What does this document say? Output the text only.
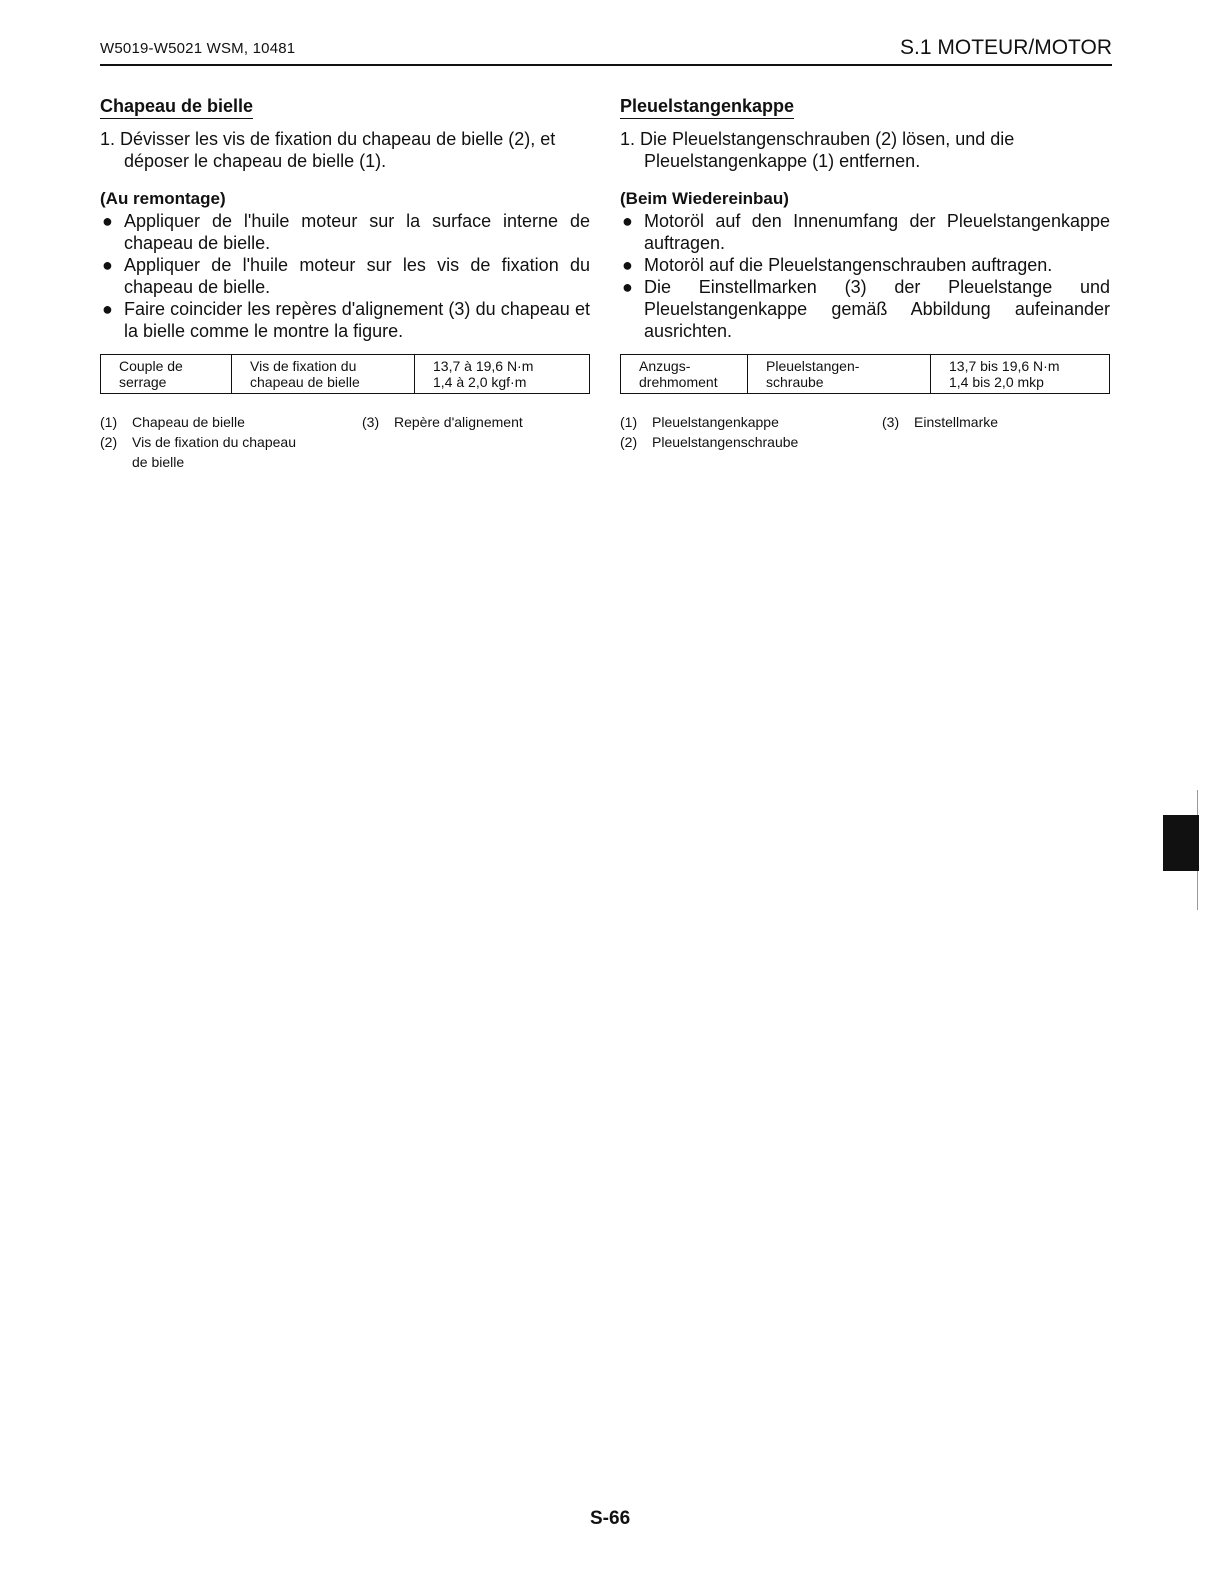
W5019-W5021 WSM, 10481	S.1 MOTEUR/MOTOR
Chapeau de bielle
1. Dévisser les vis de fixation du chapeau de bielle (2), et déposer le chapeau de bielle (1).
(Au remontage)
● Appliquer de l'huile moteur sur la surface interne de chapeau de bielle.
● Appliquer de l'huile moteur sur les vis de fixation du chapeau de bielle.
● Faire coincider les repères d'alignement (3) du chapeau et la bielle comme le montre la figure.
Couple de
serrage

Vis de fixation du
chapeau de bielle

13,7 à 19,6 N·m
1,4 à 2,0 kgf·m
(1) Chapeau de bielle
(2) Vis de fixation du chapeau
de bielle
(3) Repère d'alignement
Pleuelstangenkappe
1. Die Pleuelstangenschrauben (2) lösen, und die Pleuelstangenkappe (1) entfernen.
(Beim Wiedereinbau)
● Motoröl auf den Innenumfang der Pleuelstangenkappe auftragen.
● Motoröl auf die Pleuelstangenschrauben auftragen.
● Die Einstellmarken (3) der Pleuelstange und Pleuelstangenkappe gemäß Abbildung aufeinander ausrichten.
Anzugs-
drehmoment

Pleuelstangen-
schraube

13,7 bis 19,6 N·m
1,4 bis 2,0 mkp
(1) Pleuelstangenkappe
(2) Pleuelstangenschraube
(3) Einstellmarke
S-66
